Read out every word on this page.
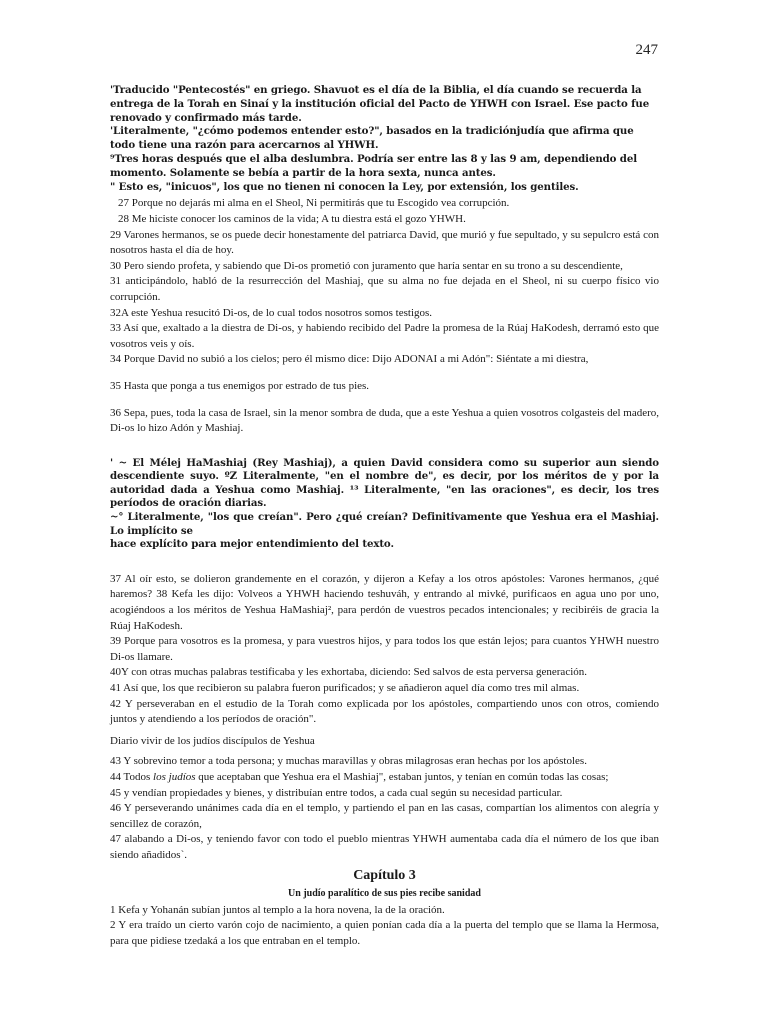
247

'Traducido "Pentecostés" en griego. Shavuot es el día de la Biblia, el día cuando se recuerda la entrega de la Torah en Sinaí y la institución oficial del Pacto de YHWH con Israel. Ese pacto fue renovado y confirmado más tarde.

'Literalmente, "¿cómo podemos entender esto?", basados en la tradiciónjudía que afirma que todo tiene una razón para acercarnos al YHWH.

⁹Tres horas después que el alba deslumbra. Podría ser entre las 8 y las 9 am, dependiendo del momento. Solamente se bebía a partir de la hora sexta, nunca antes.

" Esto es, "inicuos", los que no tienen ni conocen la Ley, por extensión, los gentiles.

27 Porque no dejarás mi alma en el Sheol, Ni permitirás que tu Escogido vea corrupción.

28 Me hiciste conocer los caminos de la vida; A tu diestra está el gozo YHWH.

29 Varones hermanos, se os puede decir honestamente del patriarca David, que murió y fue sepultado, y su sepulcro está con nosotros hasta el día de hoy.

30 Pero siendo profeta, y sabiendo que Di-os prometió con juramento que haría sentar en su trono a su descendiente,

31 anticipándolo, habló de la resurrección del Mashiaj, que su alma no fue dejada en el Sheol, ni su cuerpo físico vio corrupción.

32A este Yeshua resucitó Di-os, de lo cual todos nosotros somos testigos.

33 Así que, exaltado a la diestra de Di-os, y habiendo recibido del Padre la promesa de la Rúaj HaKodesh, derramó esto que vosotros veis y oís.

34 Porque David no subió a los cielos; pero él mismo dice: Dijo ADONAI a mi Adón": Siéntate a mi diestra,

35 Hasta que ponga a tus enemigos por estrado de tus pies.

36 Sepa, pues, toda la casa de Israel, sin la menor sombra de duda, que a este Yeshua a quien vosotros colgasteis del madero, Di-os lo hizo Adón y Mashiaj.

' ~ El Mélej HaMashiaj (Rey Mashiaj), a quien David considera como su superior aun siendo descendiente suyo. ºZ Literalmente, "en el nombre de", es decir, por los méritos de y por la autoridad dada a Yeshua como Mashiaj. ¹³ Literalmente, "en las oraciones", es decir, los tres períodos de oración diarias.

~° Literalmente, "los que creían". Pero ¿qué creían? Definitivamente que Yeshua era el Mashiaj. Lo implícito se

hace explícito para mejor entendimiento del texto.

37 Al oír esto, se dolieron grandemente en el corazón, y dijeron a Kefay a los otros apóstoles: Varones hermanos, ¿qué haremos? 38 Kefa les dijo: Volveos a YHWH haciendo teshuváh, y entrando al mivké, purificaos en agua uno por uno, acogiéndoos a los méritos de Yeshua HaMashiaj², para perdón de vuestros pecados intencionales; y recibiréis de gracia la Rúaj HaKodesh.

39 Porque para vosotros es la promesa, y para vuestros hijos, y para todos los que están lejos; para cuantos YHWH nuestro Di-os llamare.

40Y con otras muchas palabras testificaba y les exhortaba, diciendo: Sed salvos de esta perversa generación.

41 Así que, los que recibieron su palabra fueron purificados; y se añadieron aquel día como tres mil almas.

42 Y perseveraban en el estudio de la Torah como explicada por los apóstoles, compartiendo unos con otros, comiendo juntos y atendiendo a los períodos de oración".

Diario vivir de los judíos discípulos de Yeshua

43 Y sobrevino temor a toda persona; y muchas maravillas y obras milagrosas eran hechas por los apóstoles.

44 Todos los judíos que aceptaban que Yeshua era el Mashiaj", estaban juntos, y tenían en común todas las cosas;

45 y vendían propiedades y bienes, y distribuían entre todos, a cada cual según su necesidad particular.

46 Y perseverando unánimes cada día en el templo, y partiendo el pan en las casas, compartían los alimentos con alegría y sencillez de corazón,

47 alabando a Di-os, y teniendo favor con todo el pueblo mientras YHWH aumentaba cada día el número de los que iban siendo añadidos`.

Capítulo 3
Un judío paralítico de sus pies recibe sanidad

1 Kefa y Yohanán subían juntos al templo a la hora novena, la de la oración.

2 Y era traído un cierto varón cojo de nacimiento, a quien ponían cada día a la puerta del templo que se llama la Hermosa, para que pidiese tzedaká a los que entraban en el templo.
